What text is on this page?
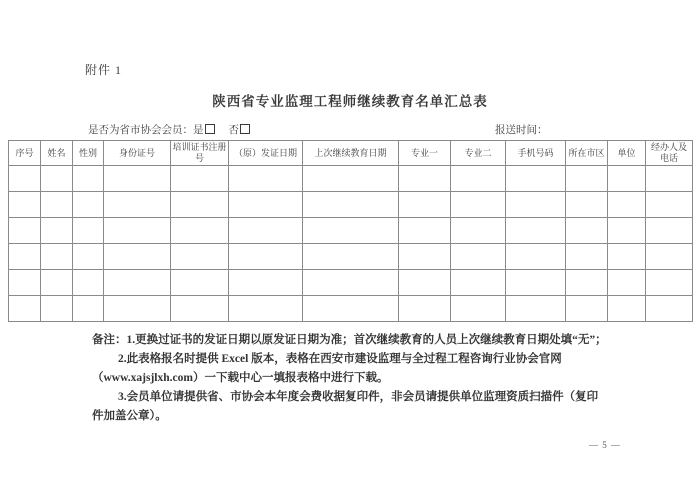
附件 1
陕西省专业监理工程师继续教育名单汇总表
是否为省市协会会员：是 否	报送时间：
序号	姓名	性别	身份证号	培训证书注册号	（原）发证日期	上次继续教育日期	专业一	专业二	手机号码	所在市区	单位	经办人及电话

备注：1.更换过证书的发证日期以原发证日期为准；首次继续教育的人员上次继续教育日期处填“无”；

2.此表格报名时提供 Excel 版本，表格在西安市建设监理与全过程工程咨询行业协会官网

（www.xajsjlxh.com）一下载中心一填报表格中进行下载。

3.会员单位请提供省、市协会本年度会费收据复印件，非会员请提供单位监理资质扫描件（复印

件加盖公章）。

— 5 —
